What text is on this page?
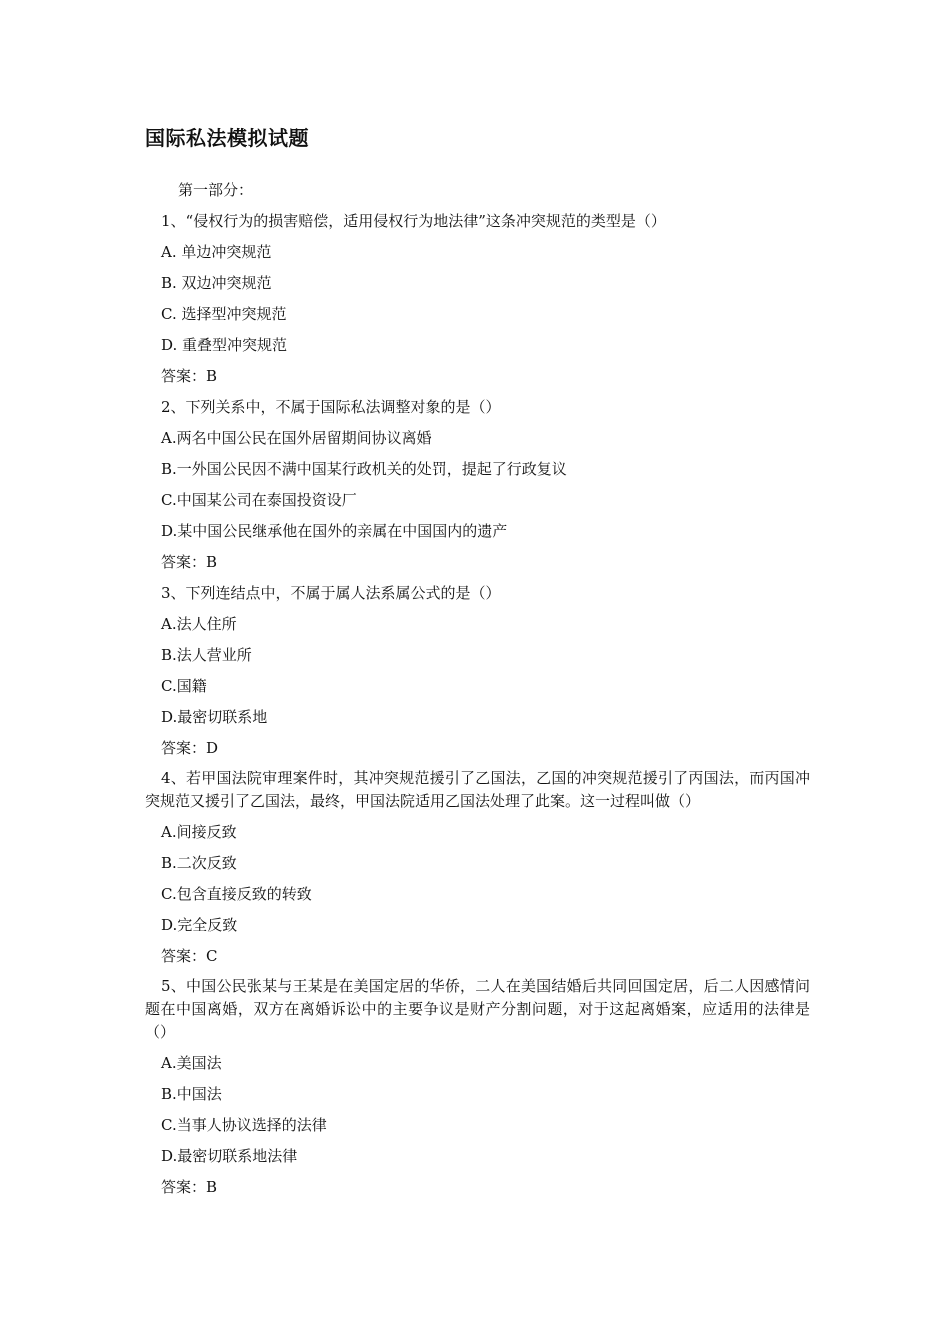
国际私法模拟试题
第一部分：
1、“侵权行为的损害赔偿，适用侵权行为地法律”这条冲突规范的类型是（）
A. 单边冲突规范
B. 双边冲突规范
C. 选择型冲突规范
D. 重叠型冲突规范
答案：B
2、下列关系中，不属于国际私法调整对象的是（）
A.两名中国公民在国外居留期间协议离婚
B.一外国公民因不满中国某行政机关的处罚，提起了行政复议
C.中国某公司在泰国投资设厂
D.某中国公民继承他在国外的亲属在中国国内的遗产
答案：B
3、下列连结点中，不属于属人法系属公式的是（）
A.法人住所
B.法人营业所
C.国籍
D.最密切联系地
答案：D
4、若甲国法院审理案件时，其冲突规范援引了乙国法，乙国的冲突规范援引了丙国法，而丙国冲突规范又援引了乙国法，最终，甲国法院适用乙国法处理了此案。这一过程叫做（）
A.间接反致
B.二次反致
C.包含直接反致的转致
D.完全反致
答案：C
5、中国公民张某与王某是在美国定居的华侨，二人在美国结婚后共同回国定居，后二人因感情问题在中国离婚，双方在离婚诉讼中的主要争议是财产分割问题，对于这起离婚案，应适用的法律是（）
A.美国法
B.中国法
C.当事人协议选择的法律
D.最密切联系地法律
答案：B
